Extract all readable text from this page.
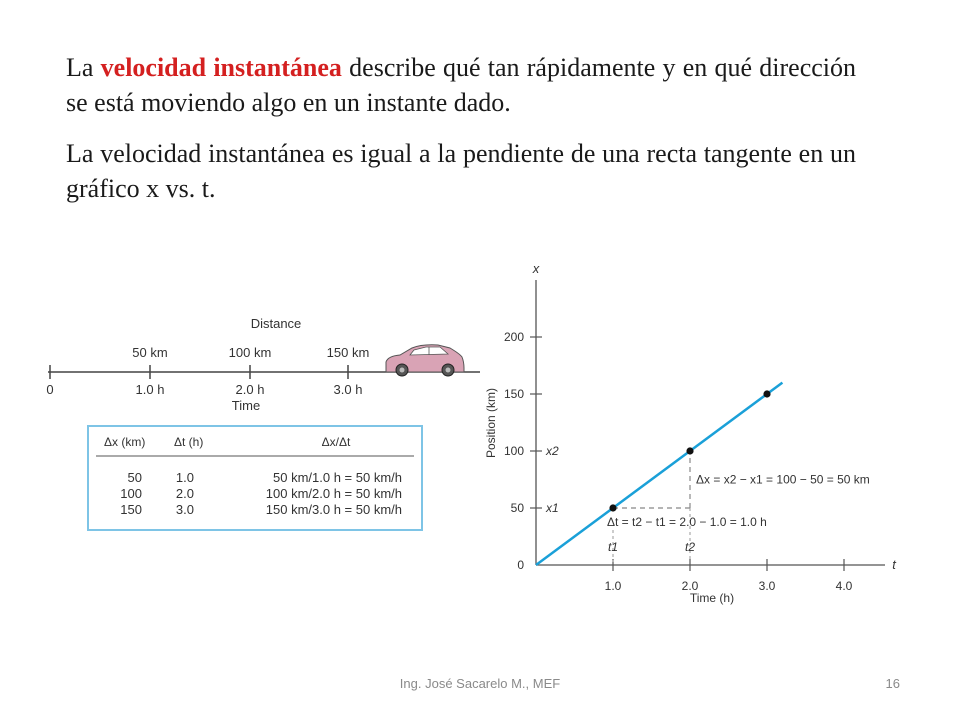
La velocidad instantánea describe qué tan rápidamente y en qué dirección se está moviendo algo en un instante dado.

La velocidad instantánea es igual a la pendiente de una recta tangente en un gráfico x vs. t.

Distance
50 km	100 km	150 km
0	1.0 h	2.0 h	3.0 h
Time
Δx (km) Δt (h)	Δx/Δt
50	1.0	50 km/1.0 h = 50 km/h
100	2.0	100 km/2.0 h = 50 km/h
150	3.0	150 km/3.0 h = 50 km/h
x
t
0
50
100
150
200
1.0	2.0	3.0	4.0
Position (km)
Time (h)
x1
x2
t1	t2
Δx = x2 − x1 = 100 − 50 = 50 km
Δt = t2 − t1 = 2.0 − 1.0 = 1.0 h
Ing. José Sacarelo M., MEF	16
